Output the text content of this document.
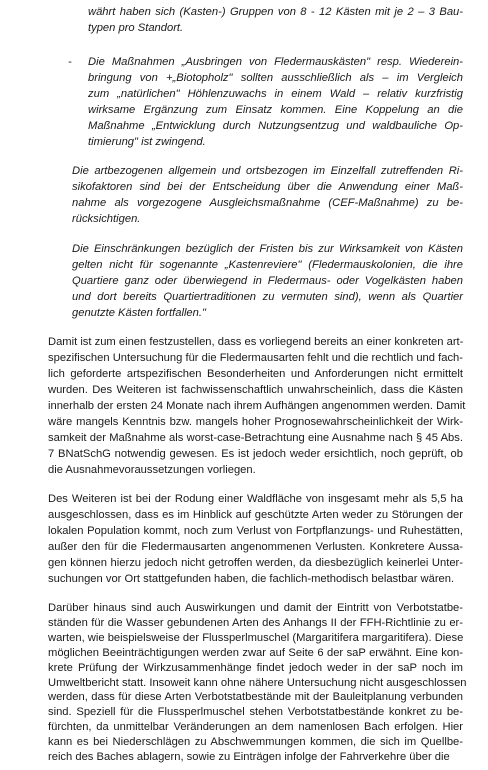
währt haben sich (Kasten-) Gruppen von 8 - 12 Kästen mit je 2 – 3 Bau-
typen pro Standort.
- Die Maßnahmen „Ausbringen von Fledermauskästen" resp. Wiederein-
bringung von +„Biotopholz" sollten ausschließlich als – im Vergleich
zum „natürlichen" Höhlenzuwachs in einem Wald – relativ kurzfristig
wirksame Ergänzung zum Einsatz kommen. Eine Koppelung an die
Maßnahme „Entwicklung durch Nutzungsentzug und waldbauliche Op-
timierung" ist zwingend.
Die artbezogenen allgemein und ortsbezogen im Einzelfall zutreffenden Ri-
sikofaktoren sind bei der Entscheidung über die Anwendung einer Maß-
nahme als vorgezogene Ausgleichsmaßnahme (CEF-Maßnahme) zu be-
rücksichtigen.
Die Einschränkungen bezüglich der Fristen bis zur Wirksamkeit von Kästen
gelten nicht für sogenannte „Kastenreviere" (Fledermauskolonien, die ihre
Quartiere ganz oder überwiegend in Fledermaus- oder Vogelkästen haben
und dort bereits Quartiertraditionen zu vermuten sind), wenn als Quartier
genutzte Kästen fortfallen."
Damit ist zum einen festzustellen, dass es vorliegend bereits an einer konkreten art-
spezifischen Untersuchung für die Fledermausarten fehlt und die rechtlich und fach-
lich geforderte artspezifischen Besonderheiten und Anforderungen nicht ermittelt
wurden. Des Weiteren ist fachwissenschaftlich unwahrscheinlich, dass die Kästen
innerhalb der ersten 24 Monate nach ihrem Aufhängen angenommen werden. Damit
wäre mangels Kenntnis bzw. mangels hoher Prognosewahrscheinlichkeit der Wirk-
samkeit der Maßnahme als worst-case-Betrachtung eine Ausnahme nach § 45 Abs.
7 BNatSchG notwendig gewesen. Es ist jedoch weder ersichtlich, noch geprüft, ob
die Ausnahmevoraussetzungen vorliegen.
Des Weiteren ist bei der Rodung einer Waldfläche von insgesamt mehr als 5,5 ha
ausgeschlossen, dass es im Hinblick auf geschützte Arten weder zu Störungen der
lokalen Population kommt, noch zum Verlust von Fortpflanzungs- und Ruhestätten,
außer den für die Fledermausarten angenommenen Verlusten. Konkretere Aussa-
gen können hierzu jedoch nicht getroffen werden, da diesbezüglich keinerlei Unter-
suchungen vor Ort stattgefunden haben, die fachlich-methodisch belastbar wären.
Darüber hinaus sind auch Auswirkungen und damit der Eintritt von Verbotstatbe-
ständen für die Wasser gebundenen Arten des Anhangs II der FFH-Richtlinie zu er-
warten, wie beispielsweise der Flussperlmuschel (Margaritifera margaritifera). Diese
möglichen Beeinträchtigungen werden zwar auf Seite 6 der saP erwähnt. Eine kon-
krete Prüfung der Wirkzusammenhänge findet jedoch weder in der saP noch im
Umweltbericht statt. Insoweit kann ohne nähere Untersuchung nicht ausgeschlossen
werden, dass für diese Arten Verbotstatbestände mit der Bauleitplanung verbunden
sind. Speziell für die Flussperlmuschel stehen Verbotstatbestände konkret zu be-
fürchten, da unmittelbar Veränderungen an dem namenlosen Bach erfolgen. Hier
kann es bei Niederschlägen zu Abschwemmungen kommen, die sich im Quellbe-
reich des Baches ablagern, sowie zu Einträgen infolge der Fahrverkehre über die
